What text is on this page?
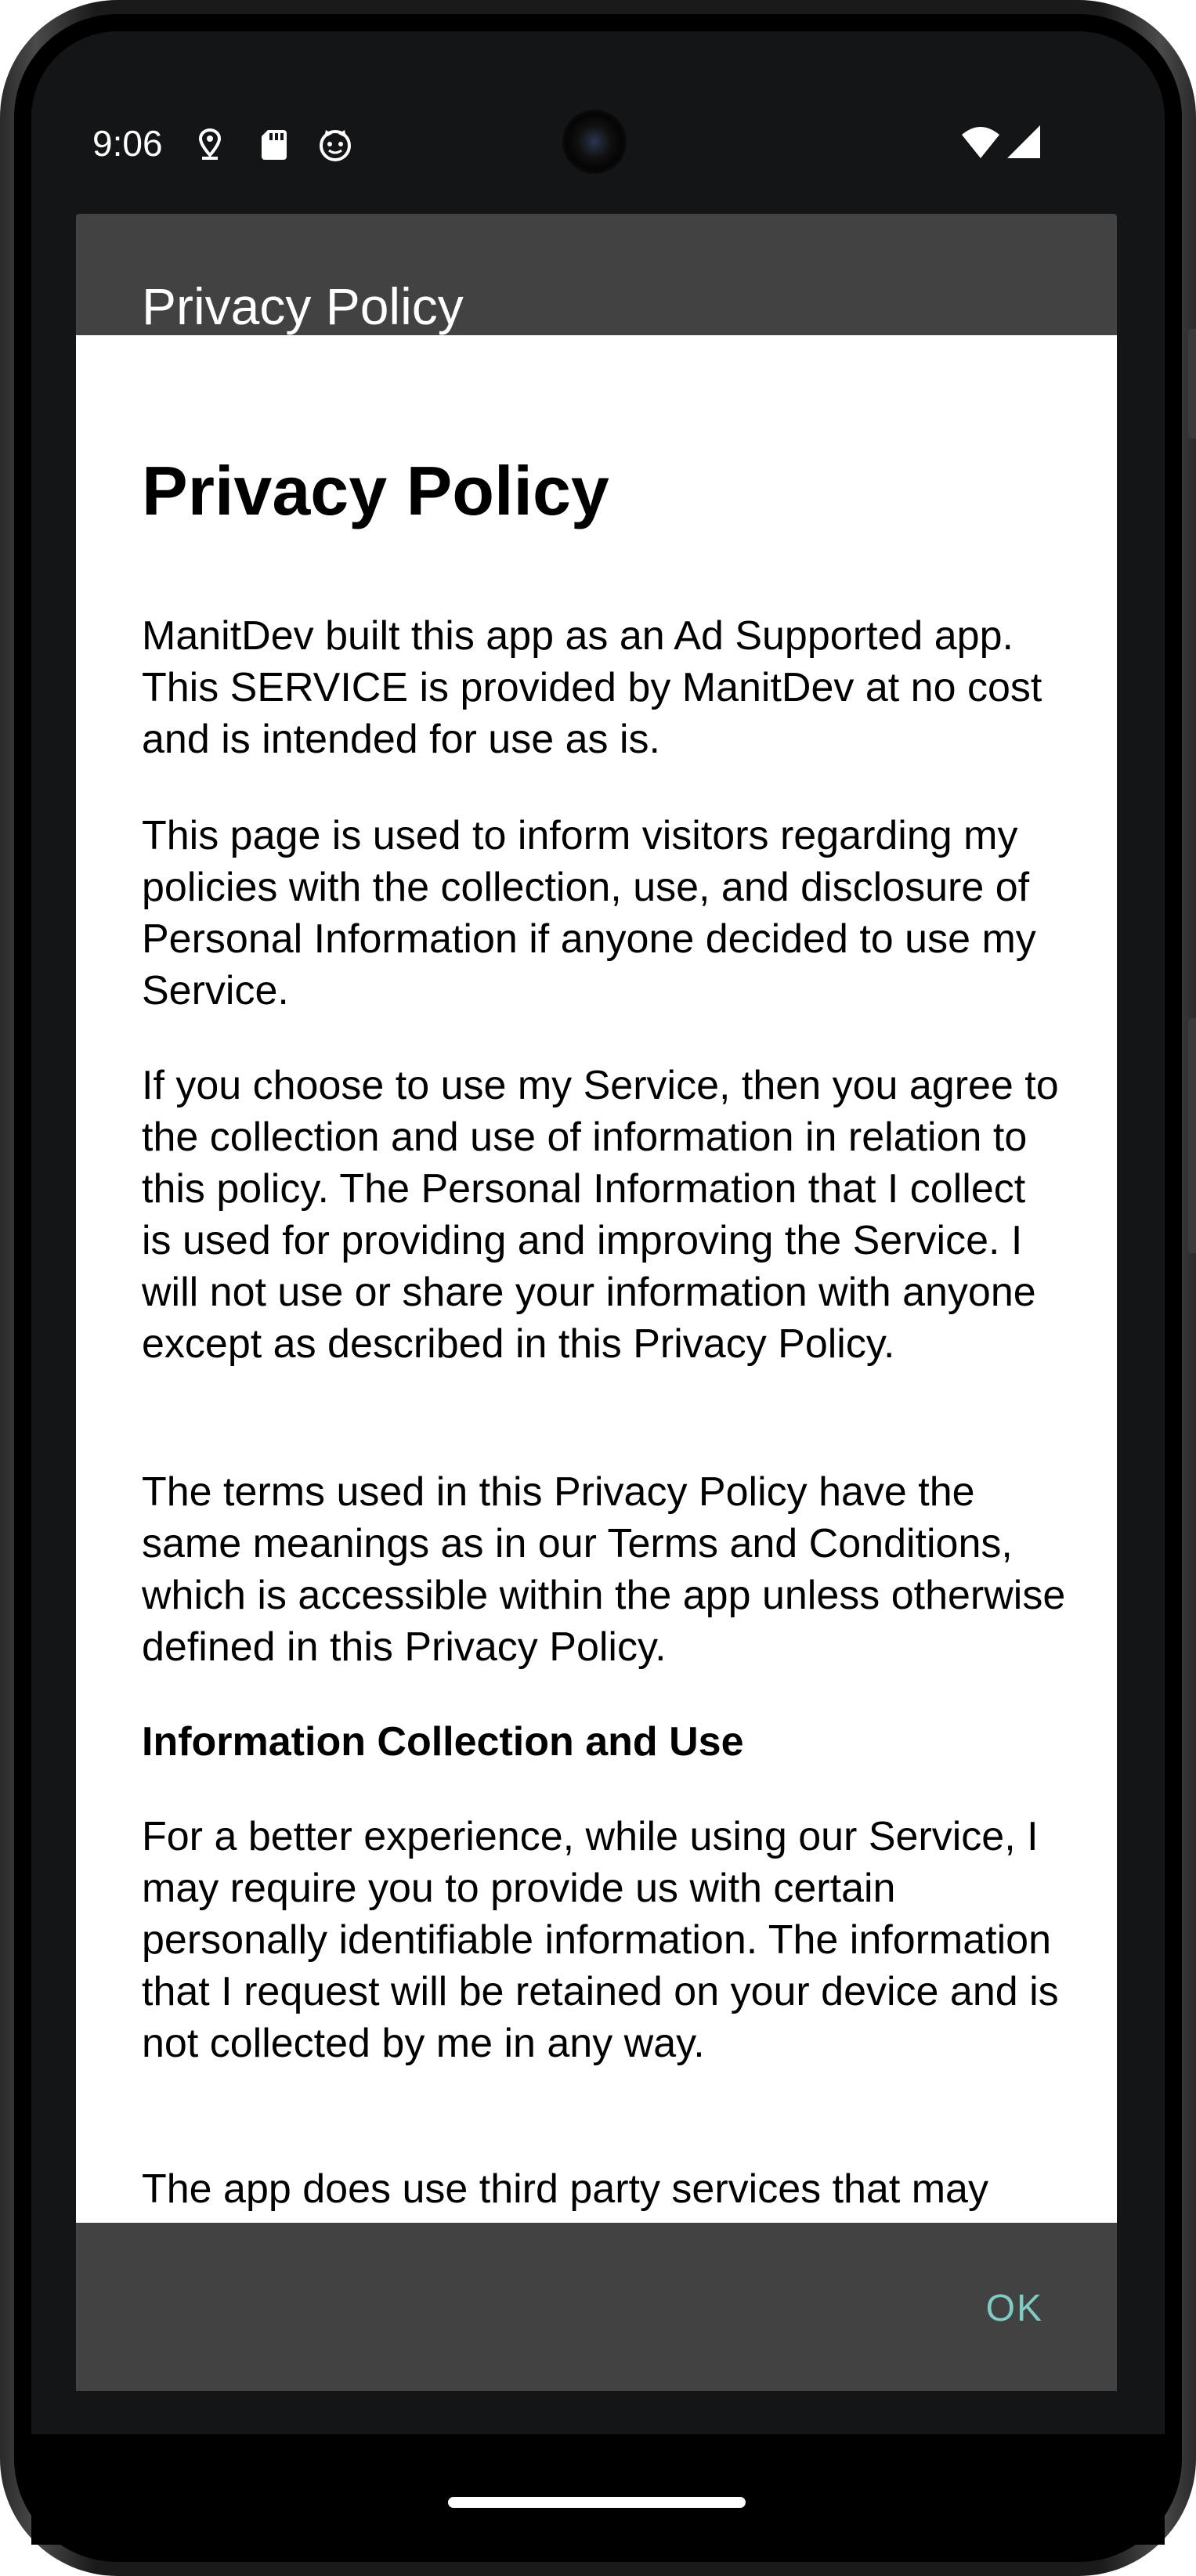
9:06
Privacy Policy
Privacy Policy

ManitDev built this app as an Ad Supported app. This SERVICE is provided by ManitDev at no cost and is intended for use as is.

This page is used to inform visitors regarding my policies with the collection, use, and disclosure of Personal Information if anyone decided to use my Service.

If you choose to use my Service, then you agree to the collection and use of information in relation to this policy. The Personal Information that I collect is used for providing and improving the Service. I will not use or share your information with anyone except as described in this Privacy Policy.

The terms used in this Privacy Policy have the same meanings as in our Terms and Conditions, which is accessible within the app unless otherwise defined in this Privacy Policy.

Information Collection and Use

For a better experience, while using our Service, I may require you to provide us with certain personally identifiable information. The information that I request will be retained on your device and is not collected by me in any way.

The app does use third party services that may

OK
